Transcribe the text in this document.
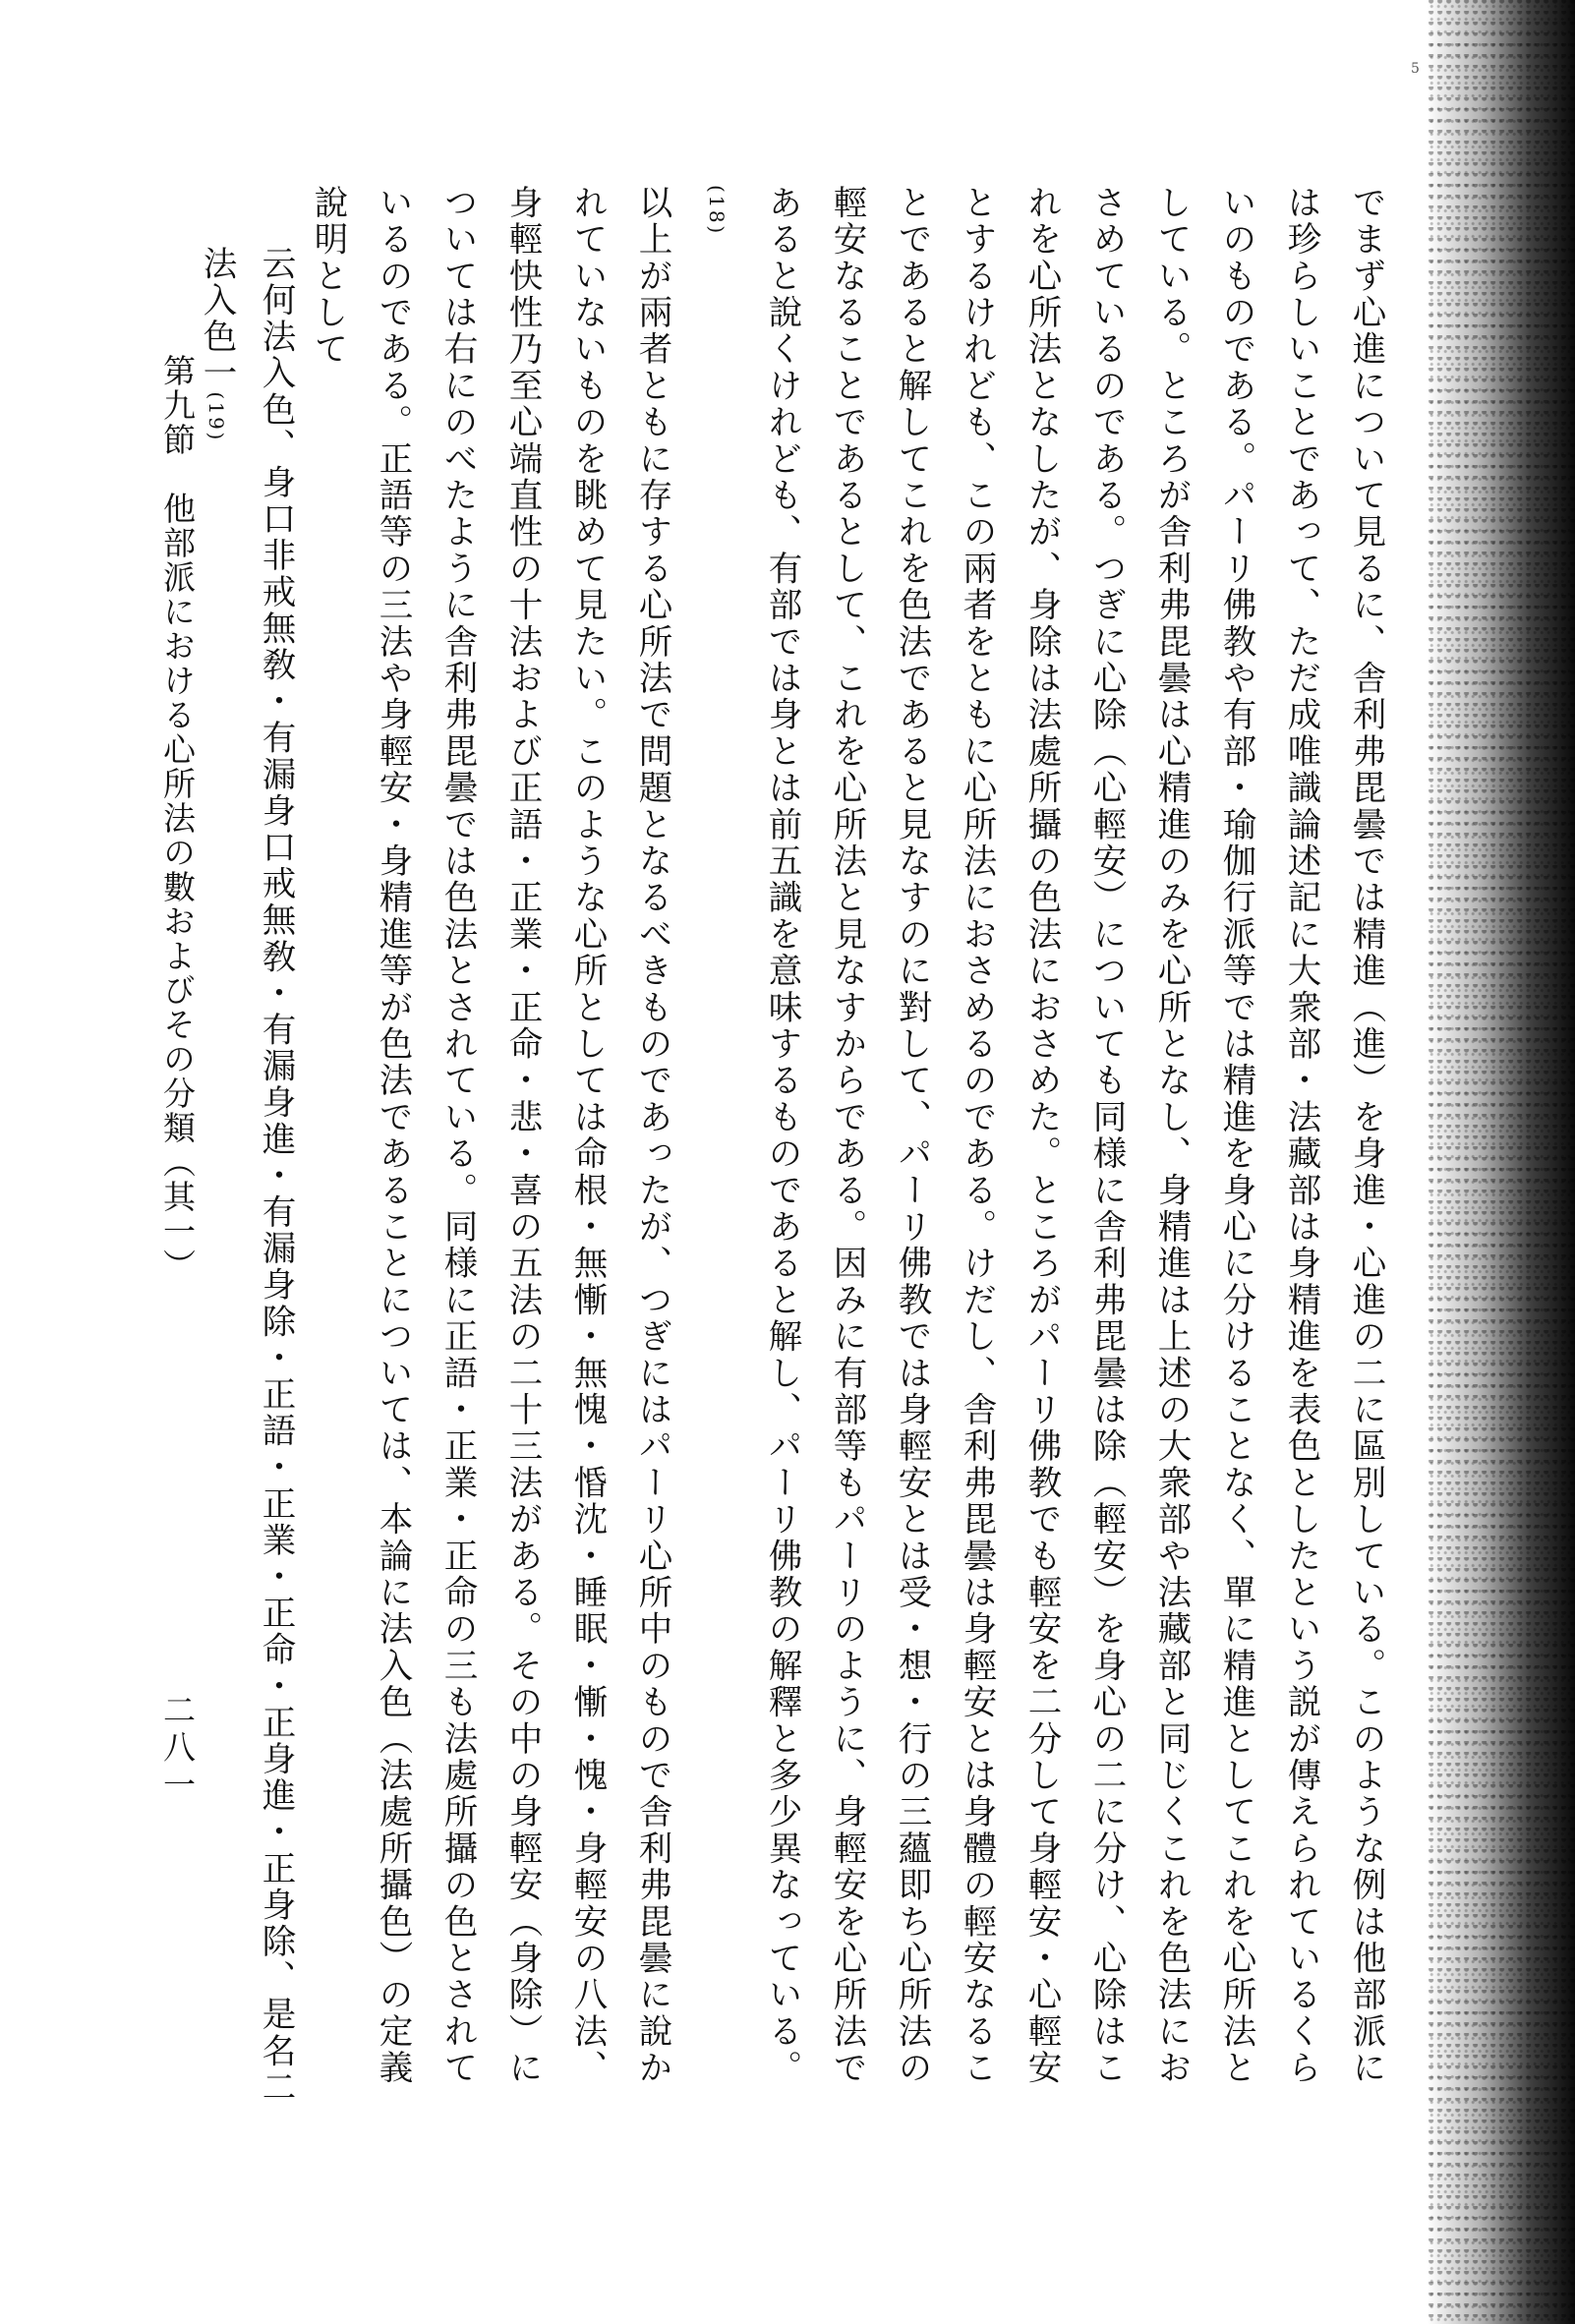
5

でまず心進について見るに、舎利弗毘曇では精進（進）を身進・心進の二に區別している。このような例は他部派には珍らしいことであって、ただ成唯識論述記に大衆部・法藏部は身精進を表色としたという説が傳えられているくらいのものである。パーリ佛教や有部・瑜伽行派等では精進を身心に分けることなく、單に精進としてこれを心所法としている。ところが舎利弗毘曇は心精進のみを心所となし、身精進は上述の大衆部や法藏部と同じくこれを色法におさめているのである。つぎに心除（心輕安）についても同様に舎利弗毘曇は除（輕安）を身心の二に分け、心除はこれを心所法となしたが、身除は法處所攝の色法におさめた。ところがパーリ佛教でも輕安を二分して身輕安・心輕安とするけれども、この兩者をともに心所法におさめるのである。けだし、舎利弗毘曇は身輕安とは身體の輕安なることであると解してこれを色法であると見なすのに對して、パーリ佛教では身輕安とは受・想・行の三蘊即ち心所法の輕安なることであるとして、これを心所法と見なすからである。因みに有部等もパーリのように、身輕安を心所法であると說くけれども、有部では身とは前五識を意味するものであると解し、パーリ佛教の解釋と多少異なっている。(18)

以上が兩者ともに存する心所法で問題となるべきものであったが、つぎにはパーリ心所中のもので舎利弗毘曇に說かれていないものを眺めて見たい。このような心所としては命根・無慚・無愧・惛沈・睡眠・慚・愧・身輕安の八法、身輕快性乃至心端直性の十法および正語・正業・正命・悲・喜の五法の二十三法がある。その中の身輕安（身除）については右にのべたように舎利弗毘曇では色法とされている。同様に正語・正業・正命の三も法處所攝の色とされているのである。正語等の三法や身輕安・身精進等が色法であることについては、本論に法入色（法處所攝色）の定義說明として

云何法入色、身口非戒無敎・有漏身口戒無敎・有漏身進・有漏身除・正語・正業・正命・正身進・正身除、是名二法入色一(19)
第九節　他部派における心所法の數およびその分類（其一）
二八一
